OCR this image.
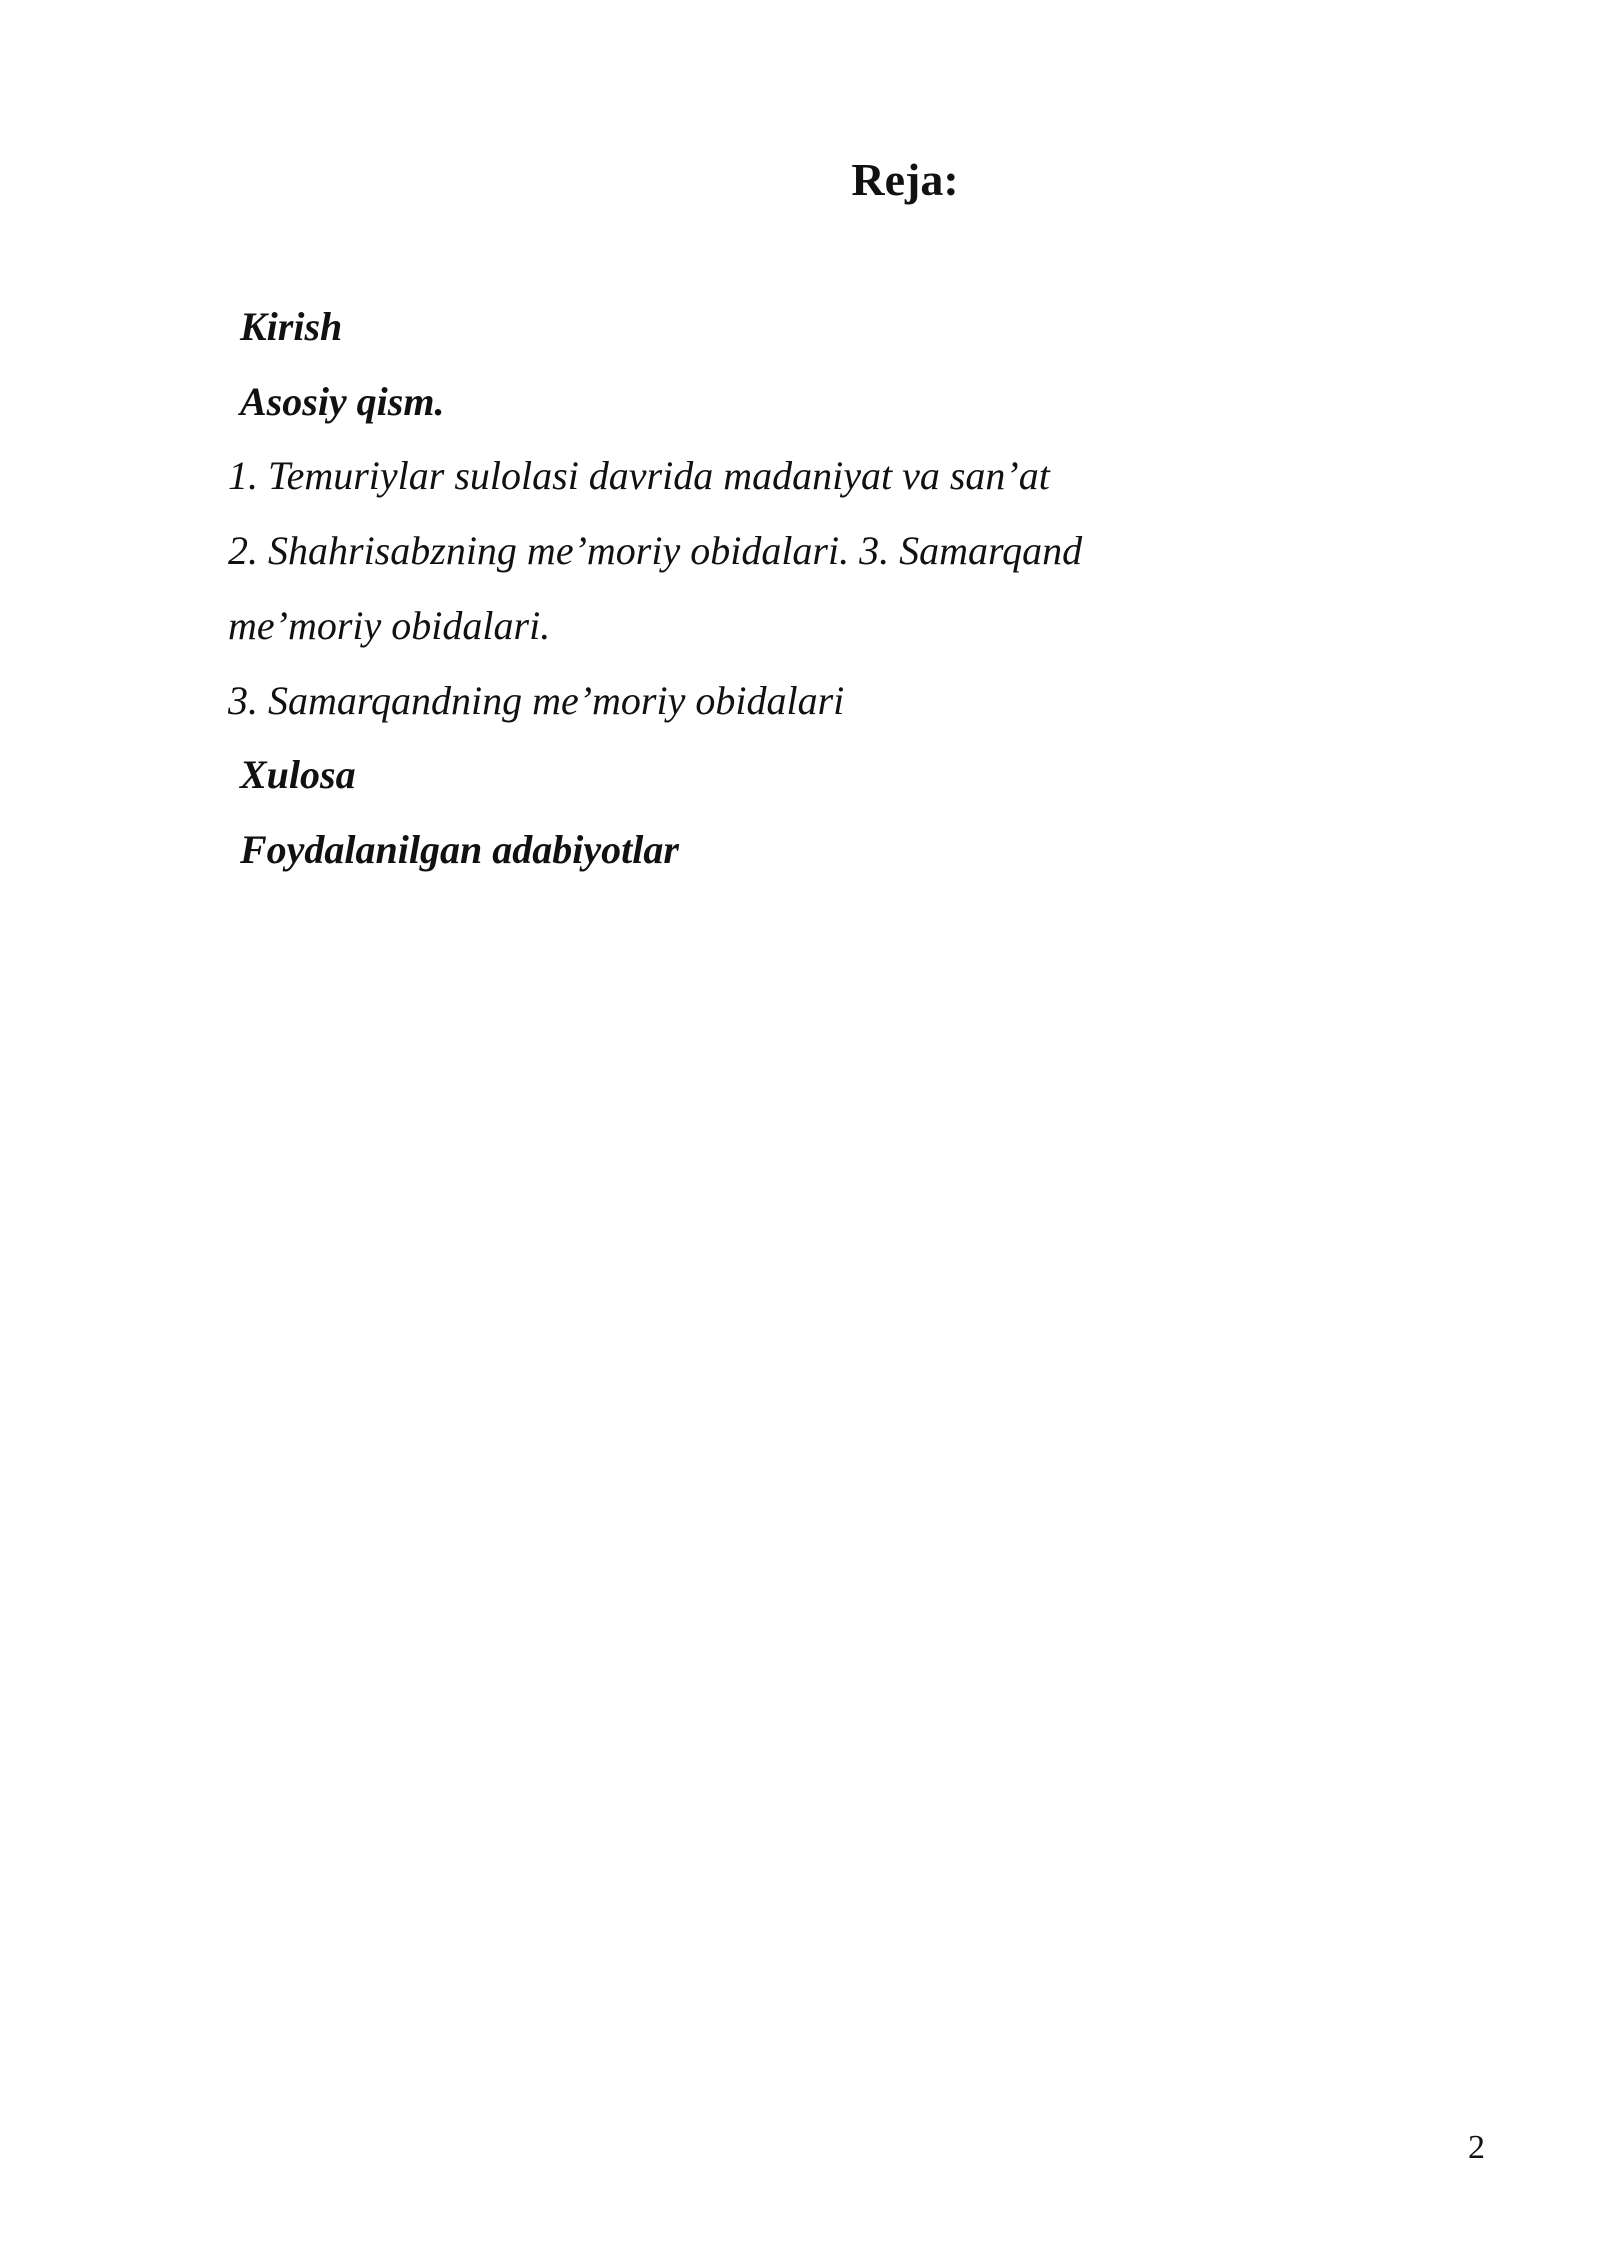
Reja:
Kirish
Asosiy qism.
1. Temuriylar sulolasi davrida madaniyat va san’at
2. Shahrisabzning me’moriy obidalari. 3. Samarqand
me’moriy obidalari.
3. Samarqandning me’moriy obidalari
Xulosa
Foydalanilgan adabiyotlar
2
